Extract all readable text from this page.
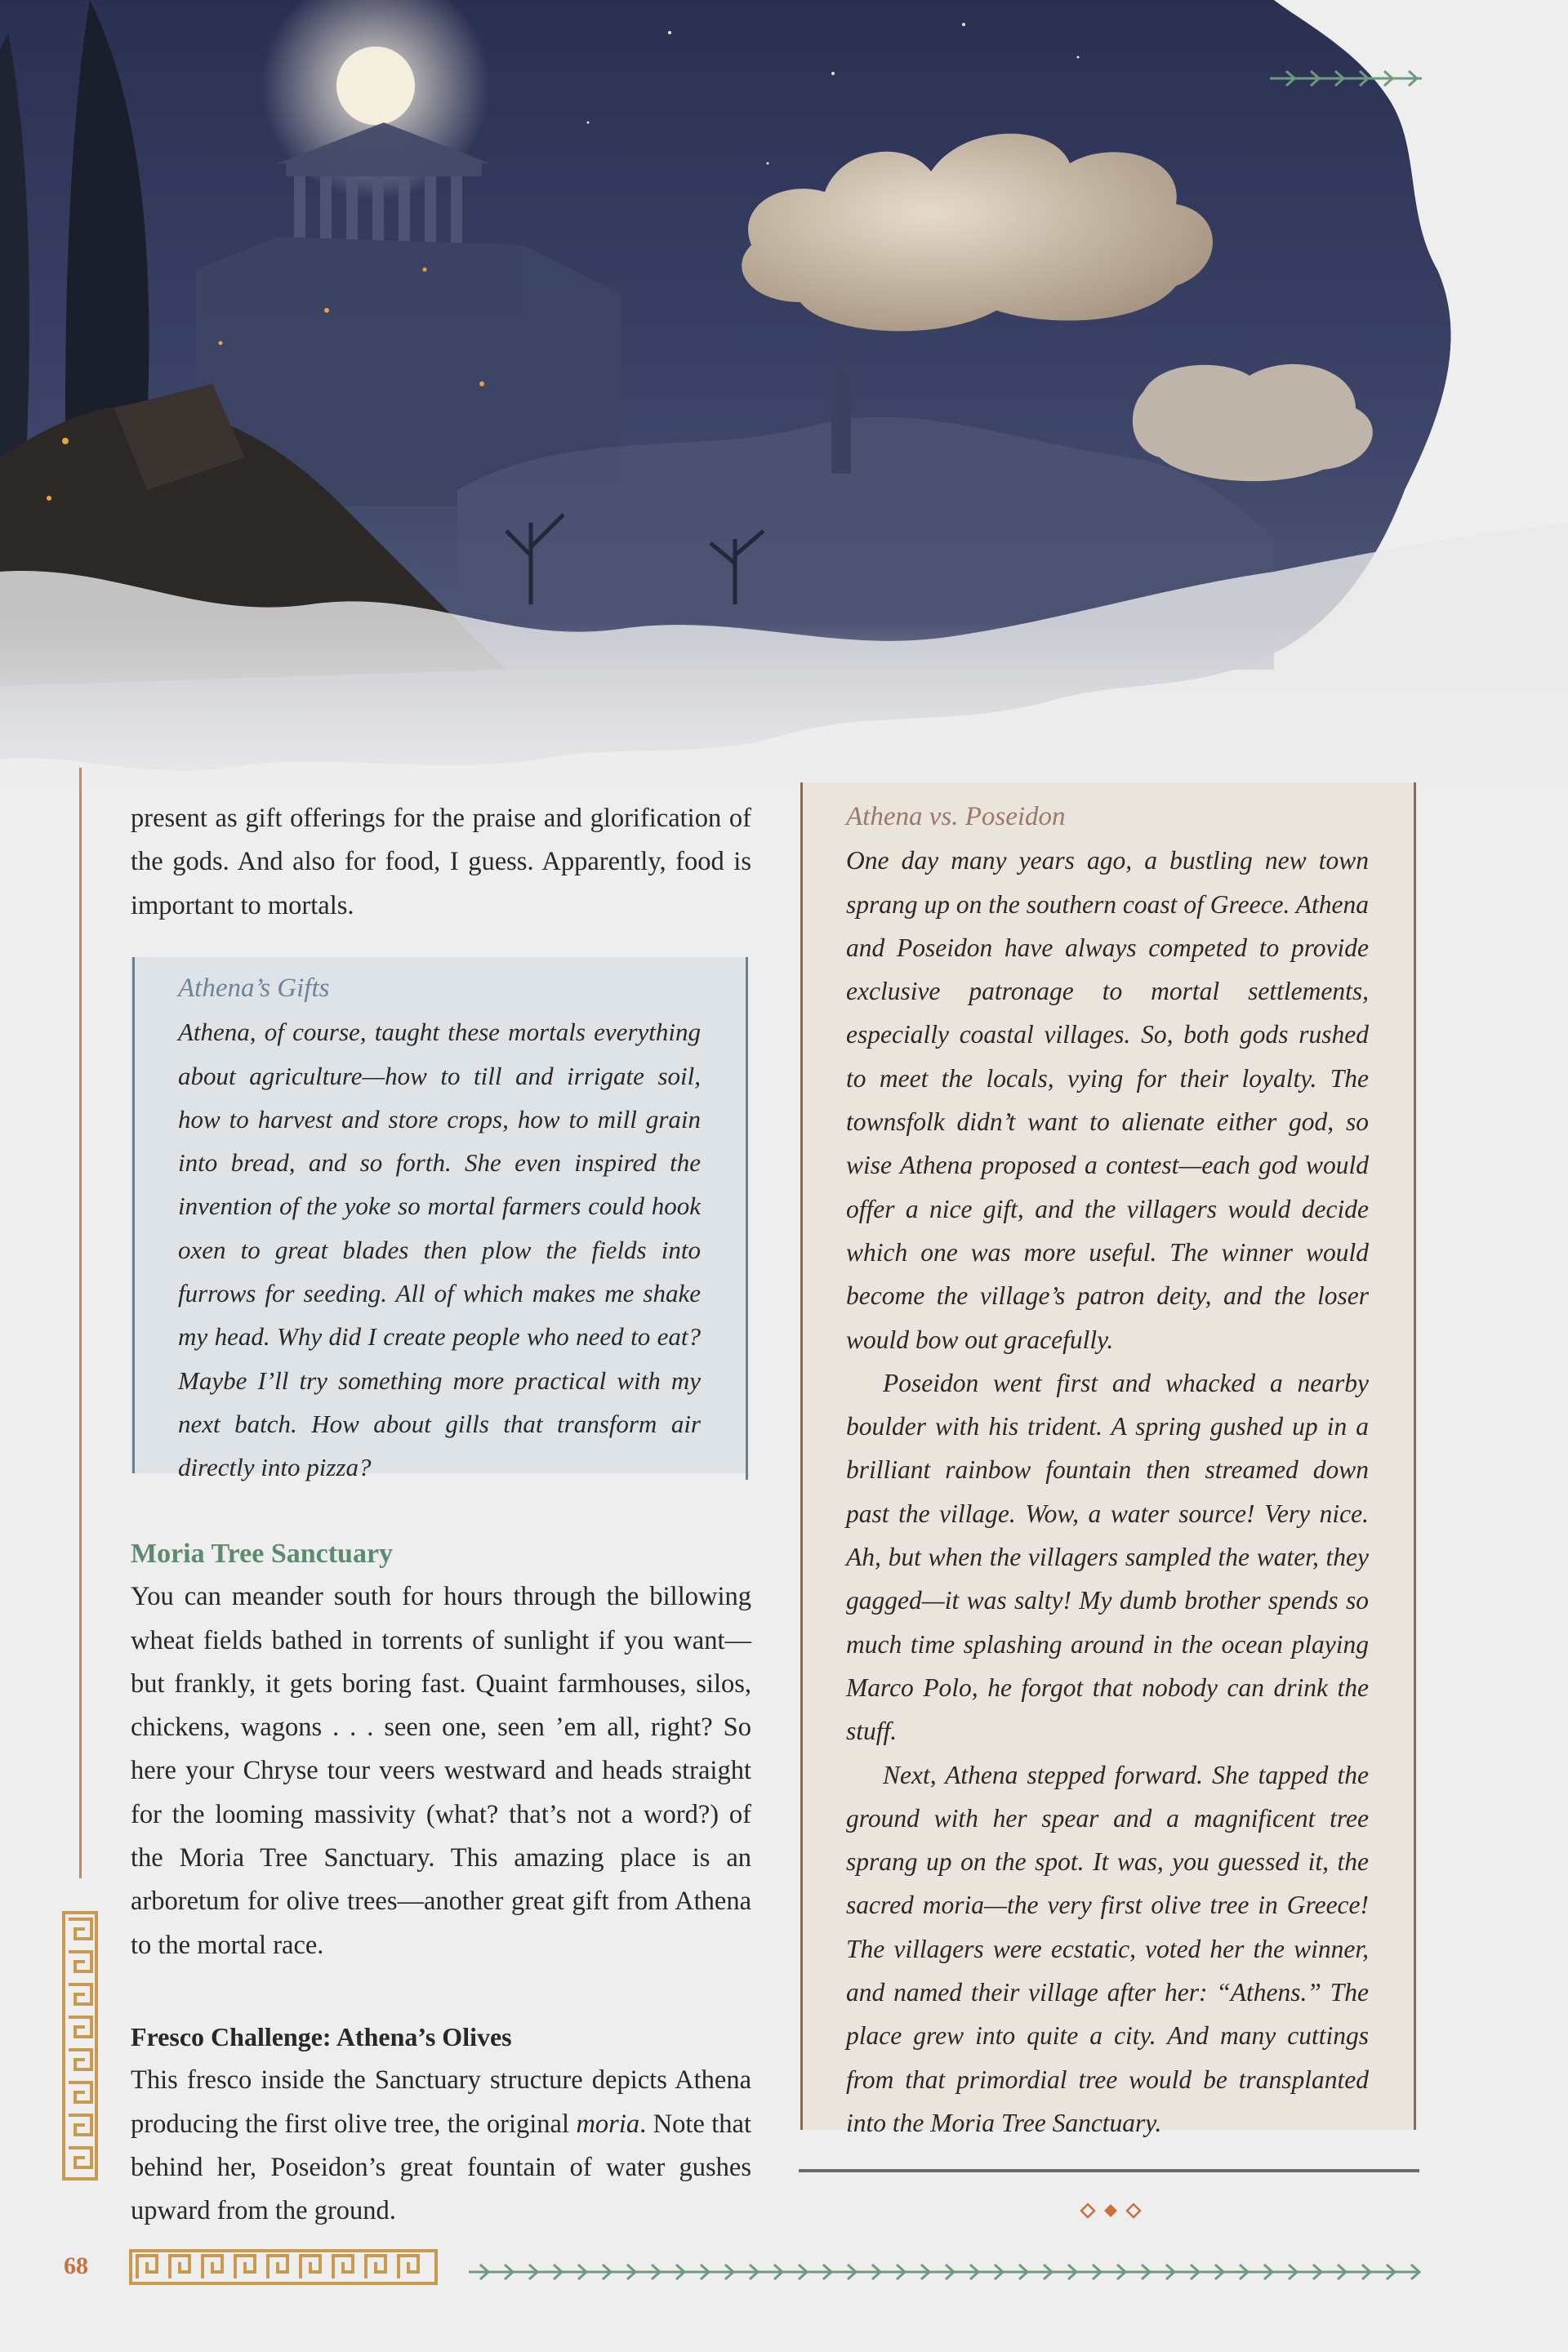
present as gift offerings for the praise and glorification of the gods. And also for food, I guess. Apparently, food is important to mortals.

Athena’s Gifts

Athena, of course, taught these mortals everything about agriculture—how to till and irrigate soil, how to harvest and store crops, how to mill grain into bread, and so forth. She even inspired the invention of the yoke so mortal farmers could hook oxen to great blades then plow the fields into furrows for seeding. All of which makes me shake my head. Why did I create people who need to eat? Maybe I’ll try something more practical with my next batch. How about gills that transform air directly into pizza?

Moria Tree Sanctuary

You can meander south for hours through the billowing wheat fields bathed in torrents of sunlight if you want—but frankly, it gets boring fast. Quaint farmhouses, silos, chickens, wagons . . . seen one, seen ’em all, right? So here your Chryse tour veers westward and heads straight for the looming massivity (what? that’s not a word?) of the Moria Tree Sanctuary. This amazing place is an arboretum for olive trees—another great gift from Athena to the mortal race.

Fresco Challenge: Athena’s Olives

This fresco inside the Sanctuary structure depicts Athena producing the first olive tree, the original moria. Note that behind her, Poseidon’s great fountain of water gushes upward from the ground.

Athena vs. Poseidon

One day many years ago, a bustling new town sprang up on the southern coast of Greece. Athena and Poseidon have always competed to provide exclusive patronage to mortal settlements, especially coastal villages. So, both gods rushed to meet the locals, vying for their loyalty. The townsfolk didn’t want to alienate either god, so wise Athena proposed a contest—each god would offer a nice gift, and the villagers would decide which one was more useful. The winner would become the village’s patron deity, and the loser would bow out gracefully.

Poseidon went first and whacked a nearby boulder with his trident. A spring gushed up in a brilliant rainbow fountain then streamed down past the village. Wow, a water source! Very nice. Ah, but when the villagers sampled the water, they gagged—it was salty! My dumb brother spends so much time splashing around in the ocean playing Marco Polo, he forgot that nobody can drink the stuff.

Next, Athena stepped forward. She tapped the ground with her spear and a magnificent tree sprang up on the spot. It was, you guessed it, the sacred moria—the very first olive tree in Greece! The villagers were ecstatic, voted her the winner, and named their village after her: “Athens.” The place grew into quite a city. And many cuttings from that primordial tree would be transplanted into the Moria Tree Sanctuary.

68
